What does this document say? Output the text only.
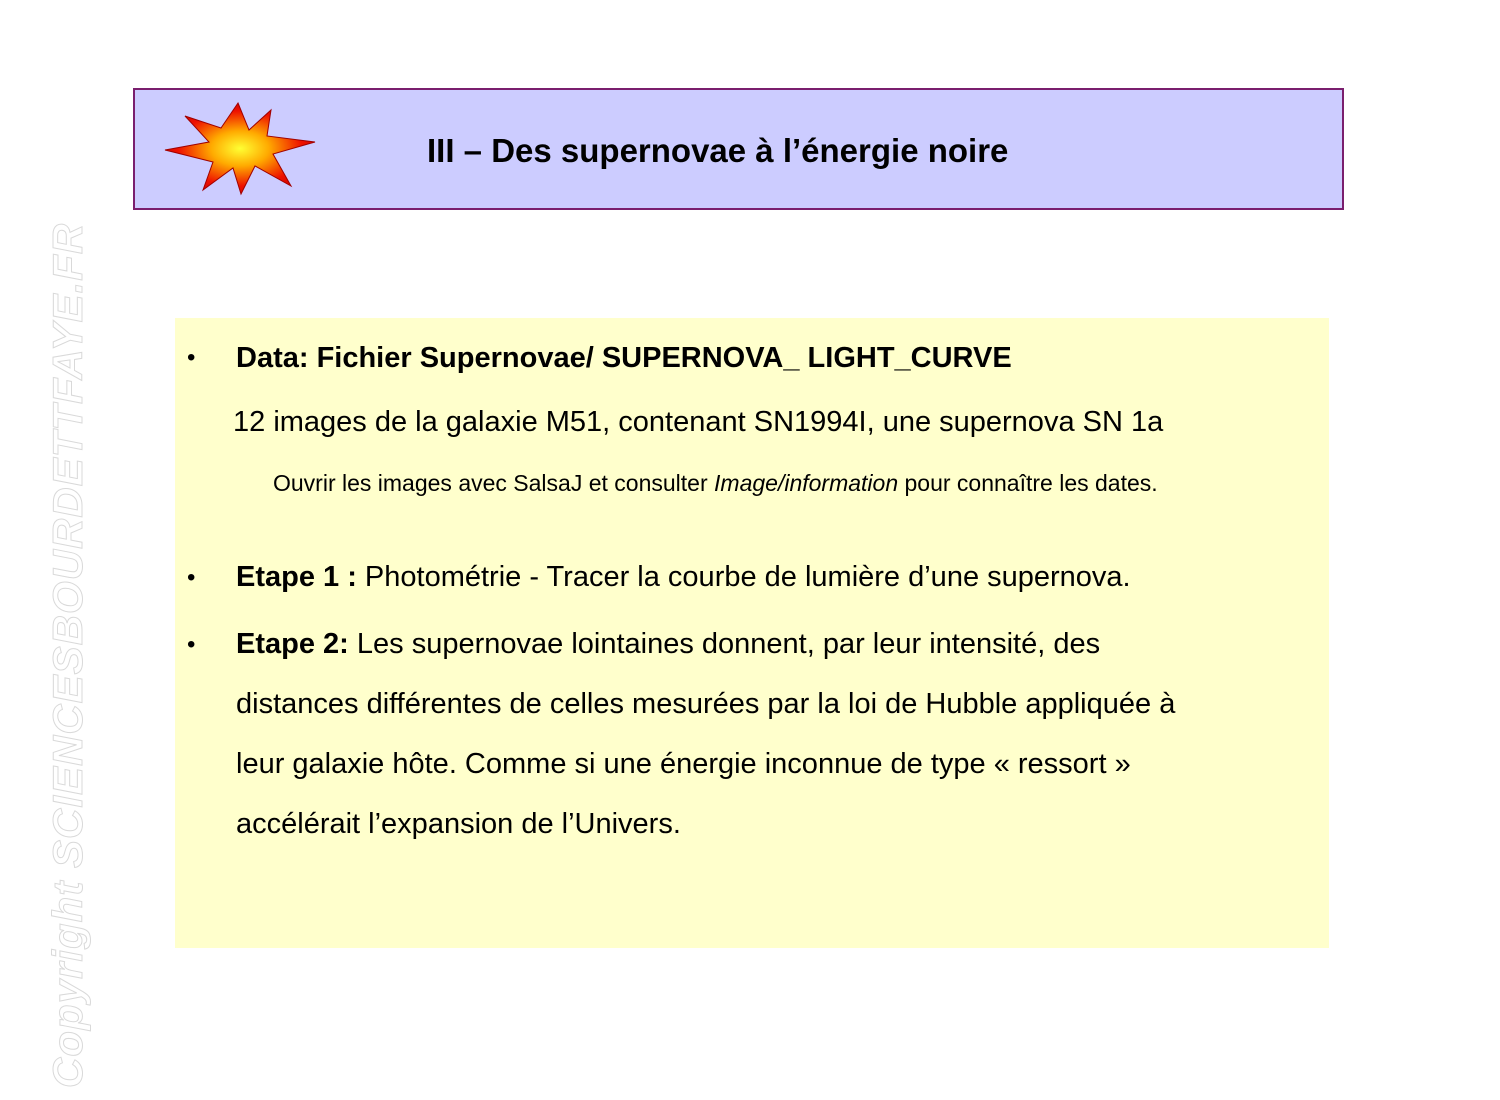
Copyright SCIENCESBOURDETTFAYE.FR
III – Des supernovae à l’énergie noire
• Data: Fichier Supernovae/ SUPERNOVA_ LIGHT_CURVE
12 images de la galaxie M51, contenant SN1994I, une supernova SN 1a
Ouvrir les images avec SalsaJ et consulter Image/information pour connaître les dates.
• Etape 1 : Photométrie - Tracer la courbe de lumière d’une supernova.
• Etape 2: Les supernovae lointaines donnent, par leur intensité, des
distances différentes de celles mesurées par la loi de Hubble appliquée à
leur galaxie hôte. Comme si une énergie inconnue de type « ressort »
accélérait l’expansion de l’Univers.
